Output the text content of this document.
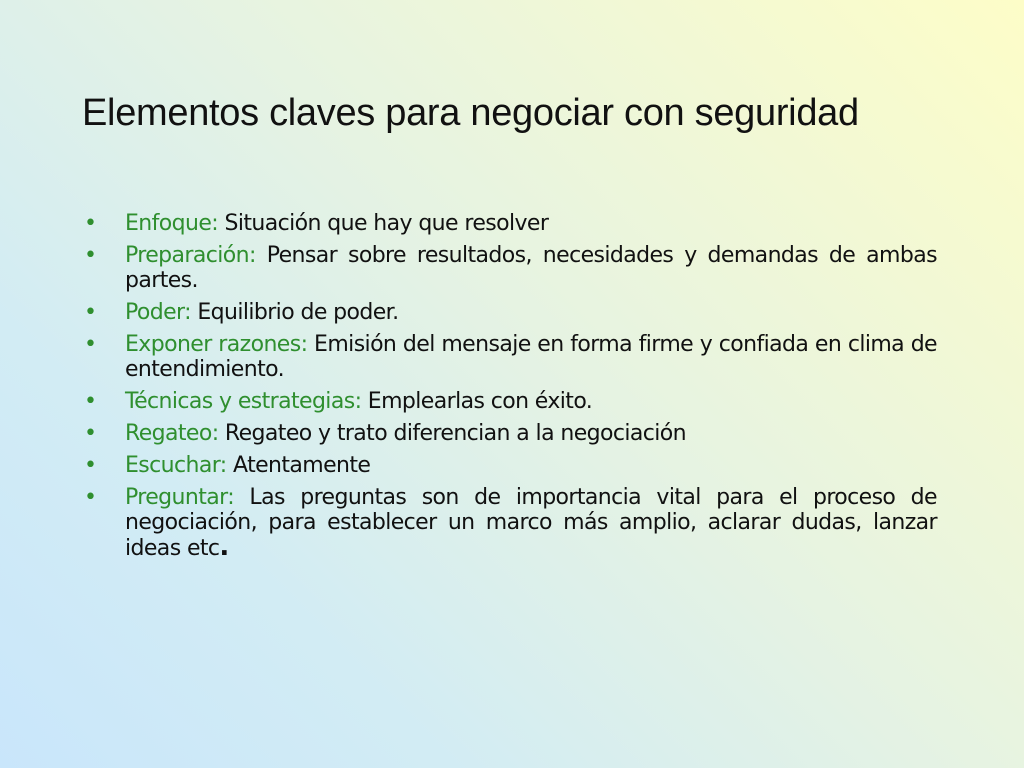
Elementos claves para negociar con seguridad
• Enfoque: Situación que hay que resolver
• Preparación: Pensar sobre resultados, necesidades y demandas de ambas partes.
• Poder: Equilibrio de poder.
• Exponer razones: Emisión del mensaje en forma firme y confiada en clima de entendimiento.
• Técnicas y estrategias: Emplearlas con éxito.
• Regateo: Regateo y trato diferencian a la negociación
• Escuchar: Atentamente
• Preguntar: Las preguntas son de importancia vital para el proceso de negociación, para establecer un marco más amplio, aclarar dudas, lanzar ideas etc.
